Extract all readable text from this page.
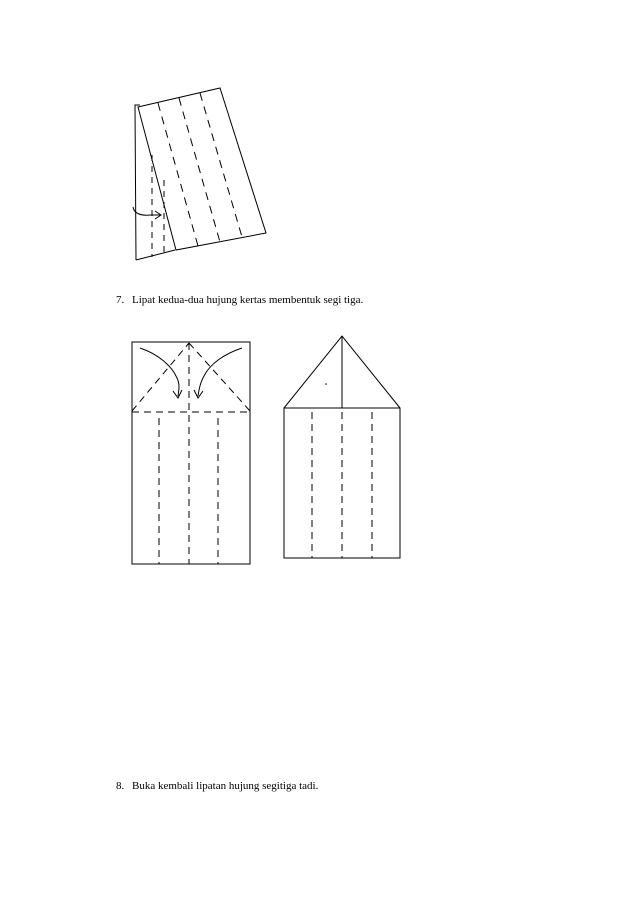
7. Lipat kedua-dua hujung kertas membentuk segi tiga.
8. Buka kembali lipatan hujung segitiga tadi.
